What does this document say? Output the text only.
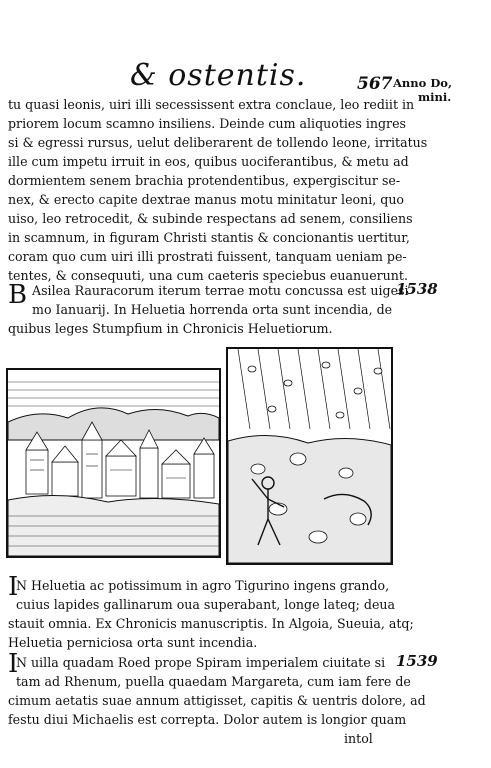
& ostentis.	567 Anno Do,
mini.
tu quasi leonis, uiri illi secessissent extra conclaue, leo rediit in
priorem locum scamno insiliens. Deinde cum aliquoties ingres
si & egressi rursus, uelut deliberarent de tollendo leone, irritatus
ille cum impetu irruit in eos, quibus uociferantibus, & metu ad
dormientem senem brachia protendentibus, expergiscitur se-
nex, & erecto capite dextrae manus motu minitatur leoni, quo
uiso, leo retrocedit, & subinde respectans ad senem, consiliens
in scamnum, in figuram Christi stantis & concionantis uertitur,
coram quo cum uiri illi prostrati fuissent, tanquam ueniam pe-
tentes, & consequuti, una cum caeteris speciebus euanuerunt.
B Asilea Rauracorum iterum terrae motu concussa est uigesi
mo Ianuarij. In Heluetia horrenda orta sunt incendia, de
quibus leges Stumpfium in Chronicis Heluetiorum.
1538
I
N Heluetia ac potissimum in agro Tigurino ingens grando,
cuius lapides gallinarum oua superabant, longe lateq; deua
stauit omnia. Ex Chronicis manuscriptis. In Algoia, Sueuia, atq;
Heluetia perniciosa orta sunt incendia.
I
N uilla quadam Roed prope Spiram imperialem ciuitate si
tam ad Rhenum, puella quaedam Margareta, cum iam fere de
cimum aetatis suae annum attigisset, capitis & uentris dolore, ad
festu diui Michaelis est correpta. Dolor autem is longior quam
intol
1539
